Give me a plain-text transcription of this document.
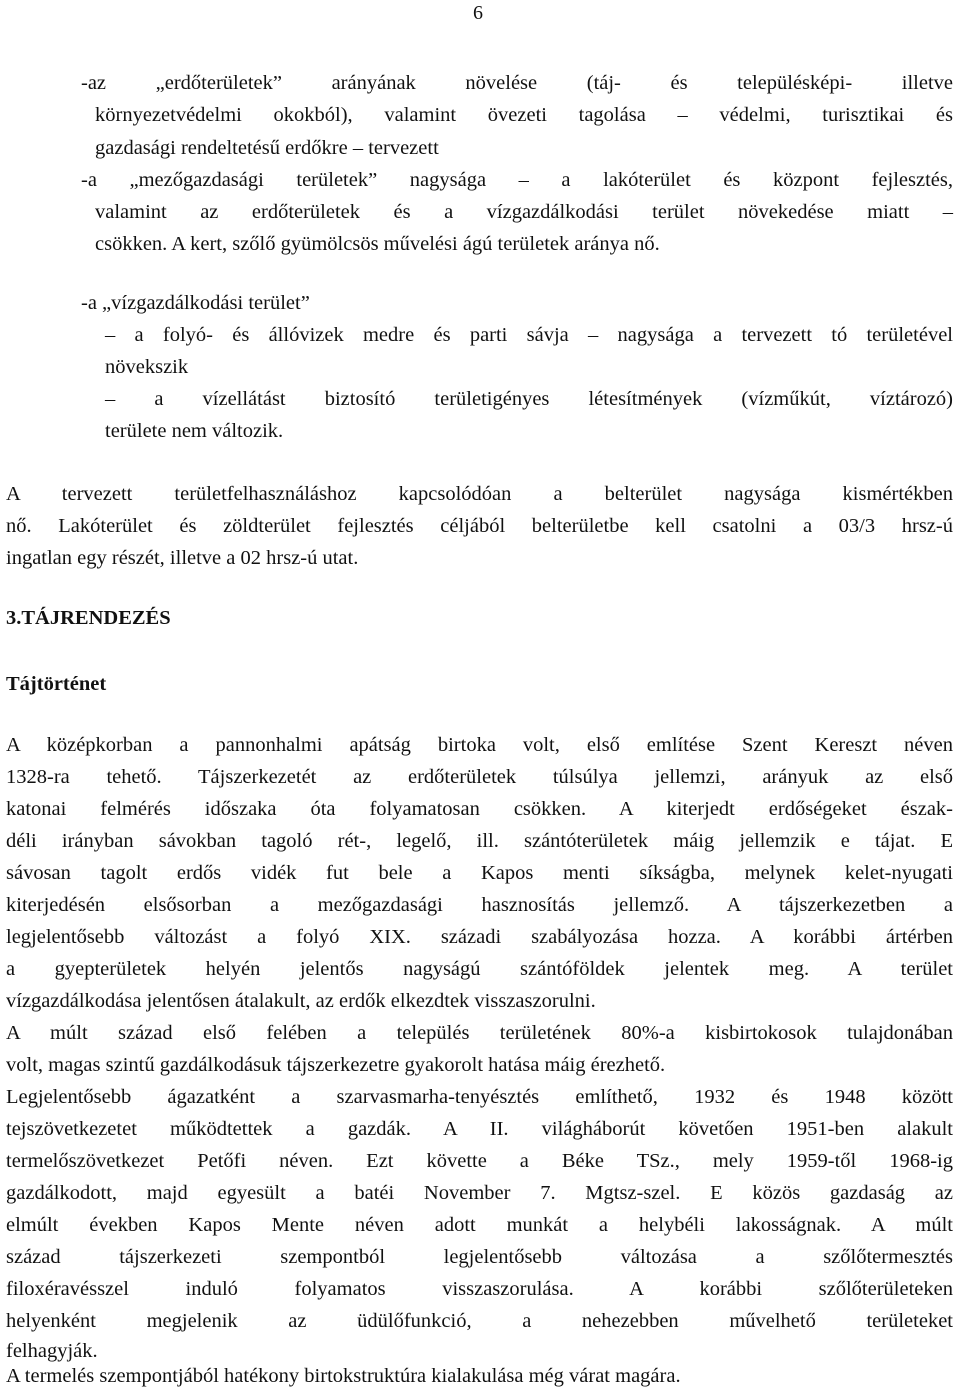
6
-az „erdőterületek” arányának növelése (táj- és településképi- illetve
környezetvédelmi okokból), valamint övezeti tagolása – védelmi, turisztikai és
gazdasági rendeltetésű erdőkre – tervezett
-a „mezőgazdasági területek” nagysága – a lakóterület és központ fejlesztés,
valamint az erdőterületek és a vízgazdálkodási terület növekedése miatt –
csökken. A kert, szőlő gyümölcsös művelési ágú területek aránya nő.
-a „vízgazdálkodási terület”
– a folyó- és állóvizek medre és parti sávja – nagysága a tervezett tó területével
növekszik
– a vízellátást biztosító területigényes létesítmények (vízműkút, víztározó)
területe nem változik.
A tervezett területfelhasználáshoz kapcsolódóan a belterület nagysága kismértékben
nő. Lakóterület és zöldterület fejlesztés céljából belterületbe kell csatolni a 03/3 hrsz-ú
ingatlan egy részét, illetve a 02 hrsz-ú utat.
3.TÁJRENDEZÉS
Tájtörténet
A középkorban a pannonhalmi apátság birtoka volt, első említése Szent Kereszt néven
1328-ra tehető. Tájszerkezetét az erdőterületek túlsúlya jellemzi, arányuk az első
katonai felmérés időszaka óta folyamatosan csökken. A kiterjedt erdőségeket észak-
déli irányban sávokban tagoló rét-, legelő, ill. szántóterületek máig jellemzik e tájat. E
sávosan tagolt erdős vidék fut bele a Kapos menti síkságba, melynek kelet-nyugati
kiterjedésén elsősorban a mezőgazdasági hasznosítás jellemző. A tájszerkezetben a
legjelentősebb változást a folyó XIX. századi szabályozása hozza. A korábbi ártérben
a gyepterületek helyén jelentős nagyságú szántóföldek jelentek meg. A terület
vízgazdálkodása jelentősen átalakult, az erdők elkezdtek visszaszorulni.
A múlt század első felében a település területének 80%-a kisbirtokosok tulajdonában
volt, magas szintű gazdálkodásuk tájszerkezetre gyakorolt hatása máig érezhető.
Legjelentősebb ágazatként a szarvasmarha-tenyésztés említhető, 1932 és 1948 között
tejszövetkezetet működtettek a gazdák. A II. világháborút követően 1951-ben alakult
termelőszövetkezet Petőfi néven. Ezt követte a Béke TSz., mely 1959-től 1968-ig
gazdálkodott, majd egyesült a batéi November 7. Mgtsz-szel. E közös gazdaság az
elmúlt években Kapos Mente néven adott munkát a helybéli lakosságnak. A múlt
század tájszerkezeti szempontból legjelentősebb változása a szőlőtermesztés
filoxéravésszel induló folyamatos visszaszorulása. A korábbi szőlőterületeken
helyenként megjelenik az üdülőfunkció, a nehezebben művelhető területeket
felhagyják.
A termelés szempontjából hatékony birtokstruktúra kialakulása még várat magára.
